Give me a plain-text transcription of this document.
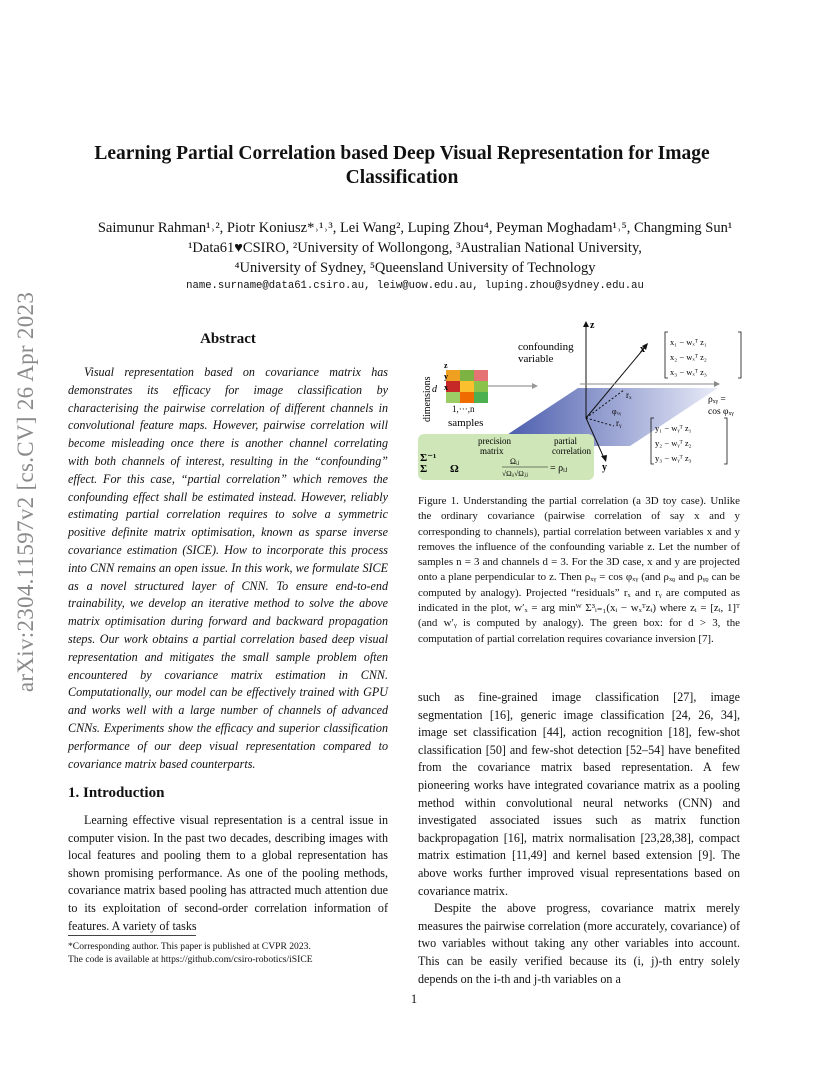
arXiv:2304.11597v2 [cs.CV] 26 Apr 2023
Learning Partial Correlation based Deep Visual Representation for Image
Classification
Saimunur Rahman¹˒², Piotr Koniusz*˒¹˒³, Lei Wang², Luping Zhou⁴, Peyman Moghadam¹˒⁵, Changming Sun¹
¹Data61♥CSIRO, ²University of Wollongong, ³Australian National University,
⁴University of Sydney, ⁵Queensland University of Technology
name.surname@data61.csiro.au, leiw@uow.edu.au, luping.zhou@sydney.edu.au
Abstract

Visual representation based on covariance matrix has demonstrates its efficacy for image classification by characterising the pairwise correlation of different channels in convolutional feature maps. However, pairwise correlation will become misleading once there is another channel correlating with both channels of interest, resulting in the “confounding” effect. For this case, “partial correlation” which removes the confounding effect shall be estimated instead. However, reliably estimating partial correlation requires to solve a symmetric positive definite matrix optimisation, known as sparse inverse covariance estimation (SICE). How to incorporate this process into CNN remains an open issue. In this work, we formulate SICE as a novel structured layer of CNN. To ensure end-to-end trainability, we develop an iterative method to solve the above matrix optimisation during forward and backward propagation steps. Our work obtains a partial correlation based deep visual representation and mitigates the small sample problem often encountered by covariance matrix estimation in CNN. Computationally, our model can be effectively trained with GPU and works well with a large number of channels of advanced CNNs. Experiments show the efficacy and superior classification performance of our deep visual representation compared to covariance matrix based counterparts.

1. Introduction

Learning effective visual representation is a central issue in computer vision. In the past two decades, describing images with local features and pooling them to a global representation has shown promising performance. As one of the pooling methods, covariance matrix based pooling has attracted much attention due to its exploitation of second-order correlation information of features. A variety of tasks

*Corresponding author. This paper is published at CVPR 2023.
The code is available at https://github.com/csiro-robotics/iSICE
confounding
variable
dimensions d
z
y
x
1,···,n
samples
precision
matrix
partial
correlation
Σ⁻¹
Σ Ω
Ωᵢⱼ
√Ωᵢᵢ√Ωⱼⱼ = ρᵢⱼ
z
x
y
rₓ
rᵧ
φₓᵧ
ρₓᵧ =
cos φₓᵧ
x₁ − wₓᵀ z₁
x₂ − wₓᵀ z₂
x₃ − wₓᵀ z₃
y₁ − wᵧᵀ z₁
y₂ − wᵧᵀ z₂
y₃ − wᵧᵀ z₃
Figure 1. Understanding the partial correlation (a 3D toy case). Unlike the ordinary covariance (pairwise correlation of say x and y corresponding to channels), partial correlation between variables x and y removes the influence of the confounding variable z. Let the number of samples n = 3 and channels d = 3. For the 3D case, x and y are projected onto a plane perpendicular to z. Then ρₓᵧ = cos φₓᵧ (and ρₓᵨ and ρᵧᵨ can be computed by analogy). Projected “residuals” rₓ and rᵧ are computed as indicated in the plot, w′ₓ = arg minᵂ Σ³ᵢ₌₁(xᵢ − wₓᵀzᵢ) where zᵢ = [zᵢ, 1]ᵀ (and w′ᵧ is computed by analogy). The green box: for d > 3, the computation of partial correlation requires covariance inversion [7].

such as fine-grained image classification [27], image segmentation [16], generic image classification [24, 26, 34], image set classification [44], action recognition [18], few-shot classification [50] and few-shot detection [52–54] have benefited from the covariance matrix based representation. A few pioneering works have integrated covariance matrix as a pooling method within convolutional neural networks (CNN) and investigated associated issues such as matrix function backpropagation [16], matrix normalisation [23,28,38], compact matrix estimation [11,49] and kernel based extension [9]. The above works further improved visual representations based on covariance matrix.

Despite the above progress, covariance matrix merely measures the pairwise correlation (more accurately, covariance) of two variables without taking any other variables into account. This can be easily verified because its (i, j)-th entry solely depends on the i-th and j-th variables on a

1
